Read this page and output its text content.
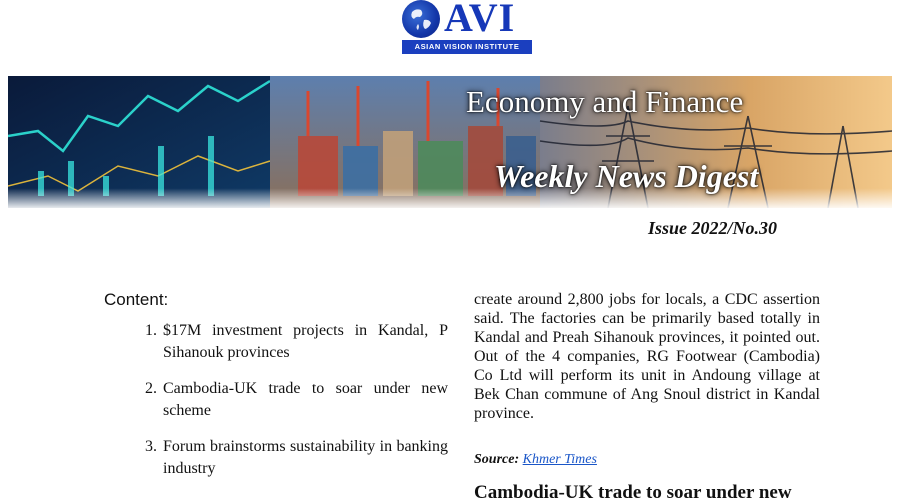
AVI
ASIAN VISION INSTITUTE
Economy and Finance
Weekly News Digest
Issue 2022/No.30
Content:
1. $17M investment projects in Kandal, P Sihanouk provinces
2. Cambodia-UK trade to soar under new scheme
3. Forum brainstorms sustainability in banking industry
create around 2,800 jobs for locals, a CDC assertion said. The factories can be primarily based totally in Kandal and Preah Sihanouk provinces, it pointed out. Out of the 4 companies, RG Footwear (Cambodia) Co Ltd will perform its unit in Andoung village at Bek Chan commune of Ang Snoul district in Kandal province.
Source: Khmer Times
Cambodia-UK trade to soar under new
